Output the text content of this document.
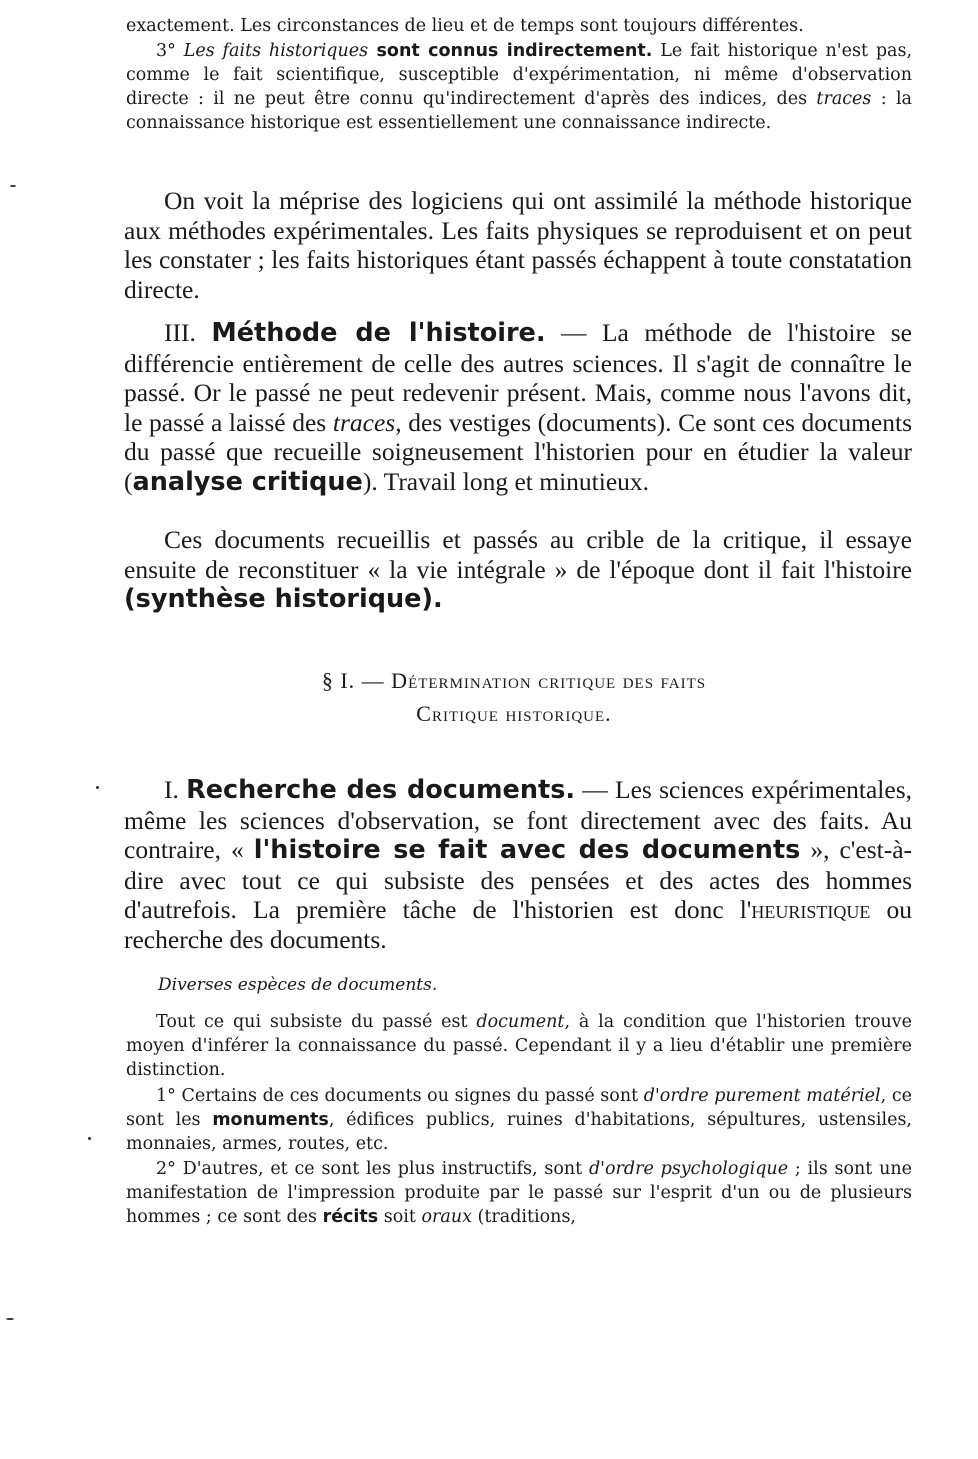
exactement. Les circonstances de lieu et de temps sont toujours différentes.

3° Les faits historiques sont connus indirectement. Le fait historique n'est pas, comme le fait scientifique, susceptible d'expérimentation, ni même d'observation directe : il ne peut être connu qu'indirectement d'après des indices, des traces : la connaissance historique est essentiellement une connaissance indirecte.

On voit la méprise des logiciens qui ont assimilé la méthode historique aux méthodes expérimentales. Les faits physiques se reproduisent et on peut les constater ; les faits historiques étant passés échappent à toute constatation directe.

III. Méthode de l'histoire. — La méthode de l'histoire se différencie entièrement de celle des autres sciences. Il s'agit de connaître le passé. Or le passé ne peut redevenir présent. Mais, comme nous l'avons dit, le passé a laissé des traces, des vestiges (documents). Ce sont ces documents du passé que recueille soigneusement l'historien pour en étudier la valeur (analyse critique). Travail long et minutieux.

Ces documents recueillis et passés au crible de la critique, il essaye ensuite de reconstituer « la vie intégrale » de l'époque dont il fait l'histoire (synthèse historique).

§ I. — Détermination critique des faits

Critique historique.

I. Recherche des documents. — Les sciences expérimentales, même les sciences d'observation, se font directement avec des faits. Au contraire, « l'histoire se fait avec des documents », c'est-à-dire avec tout ce qui subsiste des pensées et des actes des hommes d'autrefois. La première tâche de l'historien est donc l'heuristique ou recherche des documents.

Diverses espèces de documents.

Tout ce qui subsiste du passé est document, à la condition que l'historien trouve moyen d'inférer la connaissance du passé. Cependant il y a lieu d'établir une première distinction.

1° Certains de ces documents ou signes du passé sont d'ordre purement matériel, ce sont les monuments, édifices publics, ruines d'habitations, sépultures, ustensiles, monnaies, armes, routes, etc.

2° D'autres, et ce sont les plus instructifs, sont d'ordre psychologique ; ils sont une manifestation de l'impression produite par le passé sur l'esprit d'un ou de plusieurs hommes ; ce sont des récits soit oraux (traditions,
